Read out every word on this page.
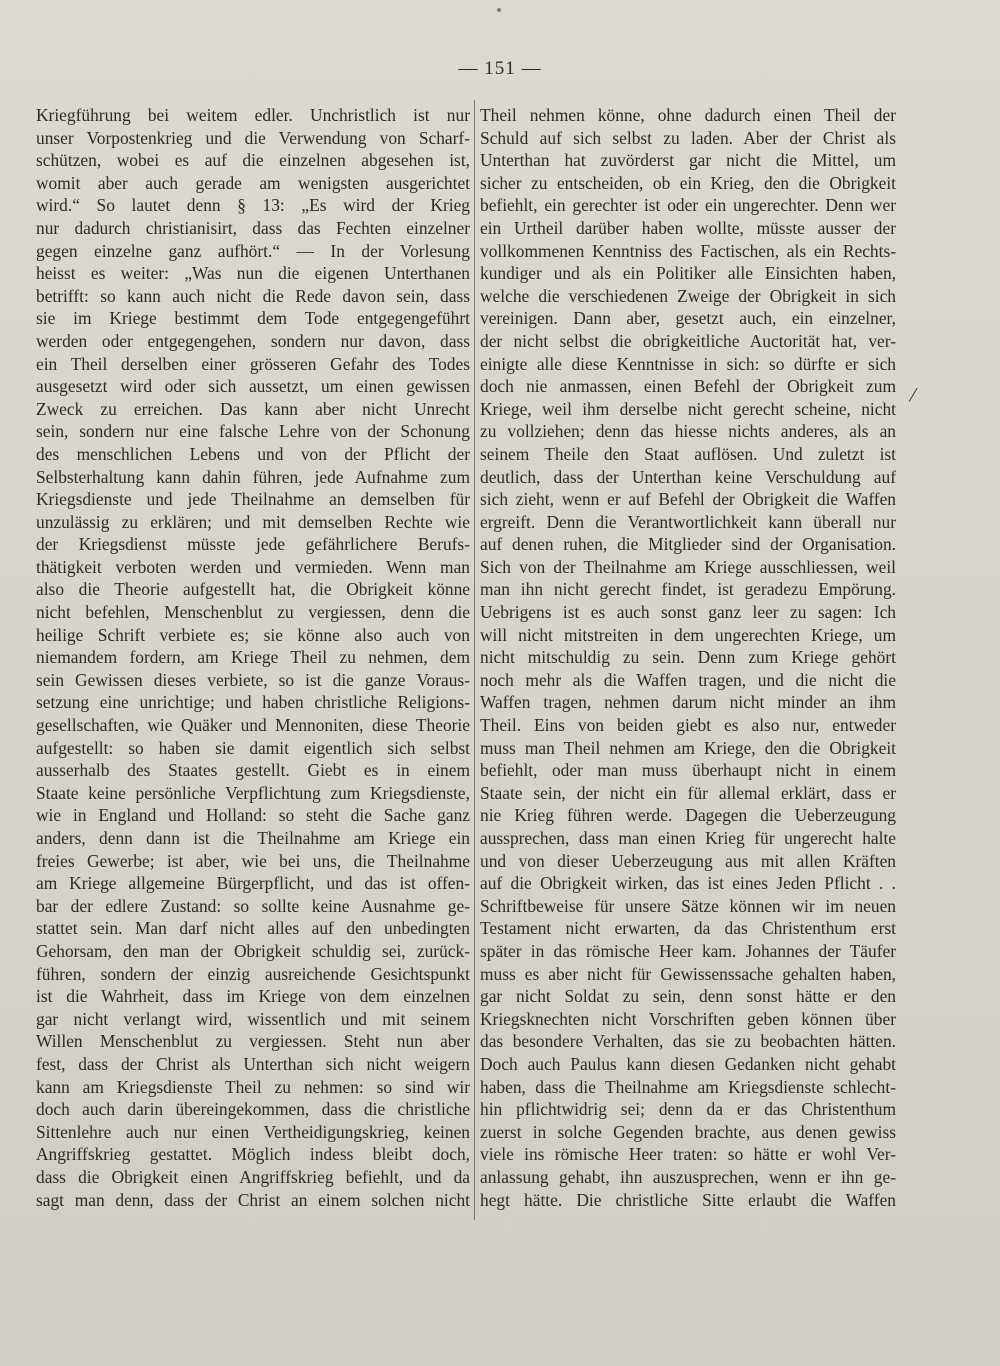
— 151 —
Kriegführung bei weitem edler. Unchristlich ist nur
unser Vorpostenkrieg und die Verwendung von Scharf-
schützen, wobei es auf die einzelnen abgesehen ist,
womit aber auch gerade am wenigsten ausgerichtet
wird.“ So lautet denn § 13: „Es wird der Krieg
nur dadurch christianisirt, dass das Fechten einzelner
gegen einzelne ganz aufhört.“ — In der Vorlesung
heisst es weiter: „Was nun die eigenen Unterthanen
betrifft: so kann auch nicht die Rede davon sein, dass
sie im Kriege bestimmt dem Tode entgegengeführt
werden oder entgegengehen, sondern nur davon, dass
ein Theil derselben einer grösseren Gefahr des Todes
ausgesetzt wird oder sich aussetzt, um einen gewissen
Zweck zu erreichen. Das kann aber nicht Unrecht
sein, sondern nur eine falsche Lehre von der Schonung
des menschlichen Lebens und von der Pflicht der
Selbsterhaltung kann dahin führen, jede Aufnahme zum
Kriegsdienste und jede Theilnahme an demselben für
unzulässig zu erklären; und mit demselben Rechte wie
der Kriegsdienst müsste jede gefährlichere Berufs-
thätigkeit verboten werden und vermieden. Wenn man
also die Theorie aufgestellt hat, die Obrigkeit könne
nicht befehlen, Menschenblut zu vergiessen, denn die
heilige Schrift verbiete es; sie könne also auch von
niemandem fordern, am Kriege Theil zu nehmen, dem
sein Gewissen dieses verbiete, so ist die ganze Voraus-
setzung eine unrichtige; und haben christliche Religions-
gesellschaften, wie Quäker und Mennoniten, diese Theorie
aufgestellt: so haben sie damit eigentlich sich selbst
ausserhalb des Staates gestellt. Giebt es in einem
Staate keine persönliche Verpflichtung zum Kriegsdienste,
wie in England und Holland: so steht die Sache ganz
anders, denn dann ist die Theilnahme am Kriege ein
freies Gewerbe; ist aber, wie bei uns, die Theilnahme
am Kriege allgemeine Bürgerpflicht, und das ist offen-
bar der edlere Zustand: so sollte keine Ausnahme ge-
stattet sein. Man darf nicht alles auf den unbedingten
Gehorsam, den man der Obrigkeit schuldig sei, zurück-
führen, sondern der einzig ausreichende Gesichtspunkt
ist die Wahrheit, dass im Kriege von dem einzelnen
gar nicht verlangt wird, wissentlich und mit seinem
Willen Menschenblut zu vergiessen. Steht nun aber
fest, dass der Christ als Unterthan sich nicht weigern
kann am Kriegsdienste Theil zu nehmen: so sind wir
doch auch darin übereingekommen, dass die christliche
Sittenlehre auch nur einen Vertheidigungskrieg, keinen
Angriffskrieg gestattet. Möglich indess bleibt doch,
dass die Obrigkeit einen Angriffskrieg befiehlt, und da
sagt man denn, dass der Christ an einem solchen nicht
Theil nehmen könne, ohne dadurch einen Theil der
Schuld auf sich selbst zu laden. Aber der Christ als
Unterthan hat zuvörderst gar nicht die Mittel, um
sicher zu entscheiden, ob ein Krieg, den die Obrigkeit
befiehlt, ein gerechter ist oder ein ungerechter. Denn wer
ein Urtheil darüber haben wollte, müsste ausser der
vollkommenen Kenntniss des Factischen, als ein Rechts-
kundiger und als ein Politiker alle Einsichten haben,
welche die verschiedenen Zweige der Obrigkeit in sich
vereinigen. Dann aber, gesetzt auch, ein einzelner,
der nicht selbst die obrigkeitliche Auctorität hat, ver-
einigte alle diese Kenntnisse in sich: so dürfte er sich
doch nie anmassen, einen Befehl der Obrigkeit zum
Kriege, weil ihm derselbe nicht gerecht scheine, nicht
zu vollziehen; denn das hiesse nichts anderes, als an
seinem Theile den Staat auflösen. Und zuletzt ist
deutlich, dass der Unterthan keine Verschuldung auf
sich zieht, wenn er auf Befehl der Obrigkeit die Waffen
ergreift. Denn die Verantwortlichkeit kann überall nur
auf denen ruhen, die Mitglieder sind der Organisation.
Sich von der Theilnahme am Kriege ausschliessen, weil
man ihn nicht gerecht findet, ist geradezu Empörung.
Uebrigens ist es auch sonst ganz leer zu sagen: Ich
will nicht mitstreiten in dem ungerechten Kriege, um
nicht mitschuldig zu sein. Denn zum Kriege gehört
noch mehr als die Waffen tragen, und die nicht die
Waffen tragen, nehmen darum nicht minder an ihm
Theil. Eins von beiden giebt es also nur, entweder
muss man Theil nehmen am Kriege, den die Obrigkeit
befiehlt, oder man muss überhaupt nicht in einem
Staate sein, der nicht ein für allemal erklärt, dass er
nie Krieg führen werde. Dagegen die Ueberzeugung
aussprechen, dass man einen Krieg für ungerecht halte
und von dieser Ueberzeugung aus mit allen Kräften
auf die Obrigkeit wirken, das ist eines Jeden Pflicht . .
Schriftbeweise für unsere Sätze können wir im neuen
Testament nicht erwarten, da das Christenthum erst
später in das römische Heer kam. Johannes der Täufer
muss es aber nicht für Gewissenssache gehalten haben,
gar nicht Soldat zu sein, denn sonst hätte er den
Kriegsknechten nicht Vorschriften geben können über
das besondere Verhalten, das sie zu beobachten hätten.
Doch auch Paulus kann diesen Gedanken nicht gehabt
haben, dass die Theilnahme am Kriegsdienste schlecht-
hin pflichtwidrig sei; denn da er das Christenthum
zuerst in solche Gegenden brachte, aus denen gewiss
viele ins römische Heer traten: so hätte er wohl Ver-
anlassung gehabt, ihn auszusprechen, wenn er ihn ge-
hegt hätte. Die christliche Sitte erlaubt die Waffen
/
